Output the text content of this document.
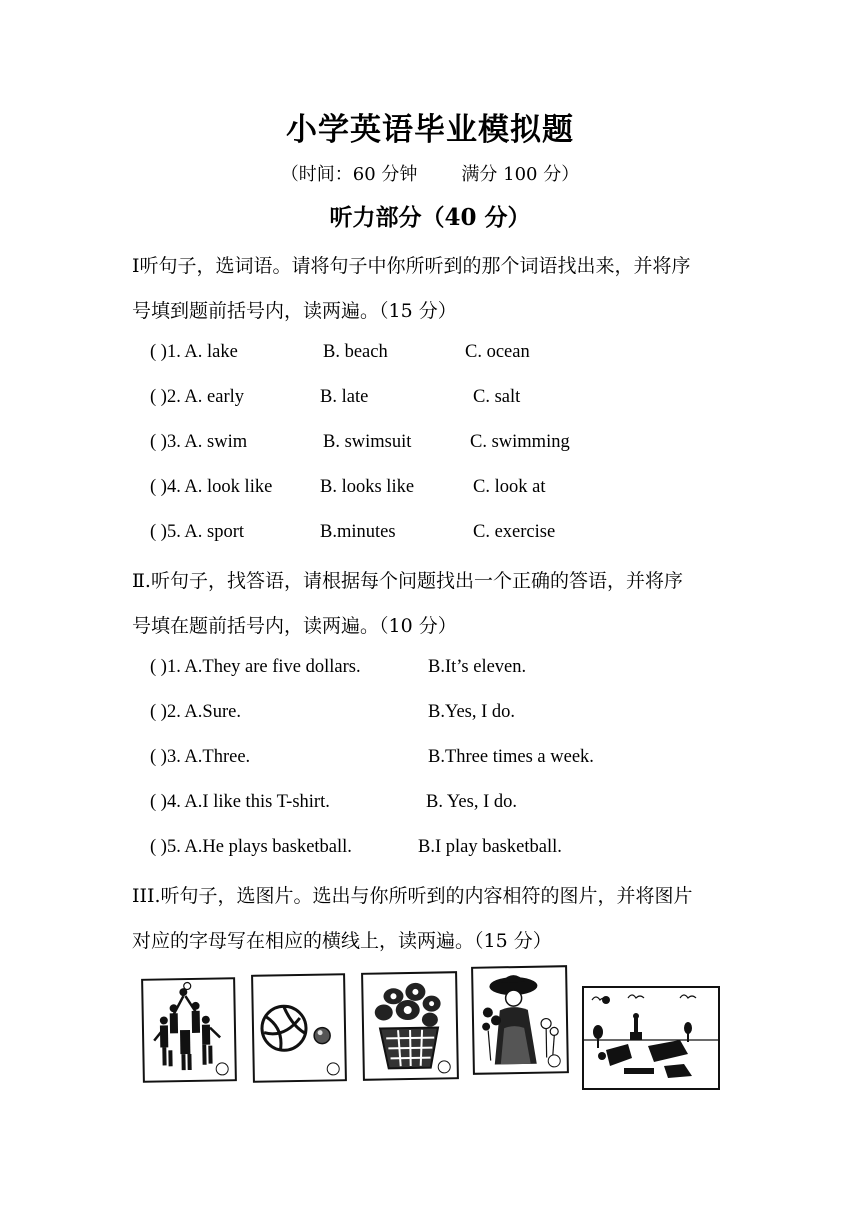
小学英语毕业模拟题
（时间：60 分钟 满分 100 分）
听力部分（40 分）
Ⅰ听句子，选词语。请将句子中你所听到的那个词语找出来，并将序
号填到题前括号内，读两遍。（15 分）
( )1. A. lake	B. beach	C. ocean
( )2. A. early	B. late	C. salt
( )3. A. swim	B. swimsuit	C. swimming
( )4. A. look like	B. looks like	C. look at
( )5. A. sport	B.minutes	C. exercise
Ⅱ.听句子，找答语，请根据每个问题找出一个正确的答语，并将序
号填在题前括号内，读两遍。（10 分）
( )1. A.They are five dollars.	B.It’s eleven.
( )2. A.Sure.	B.Yes, I do.
( )3. A.Three.	B.Three times a week.
( )4. A.I like this T-shirt.	B. Yes, I do.
( )5. A.He plays basketball.	B.I play basketball.
III.听句子，选图片。选出与你所听到的内容相符的图片，并将图片
对应的字母写在相应的横线上，读两遍。（15 分）
